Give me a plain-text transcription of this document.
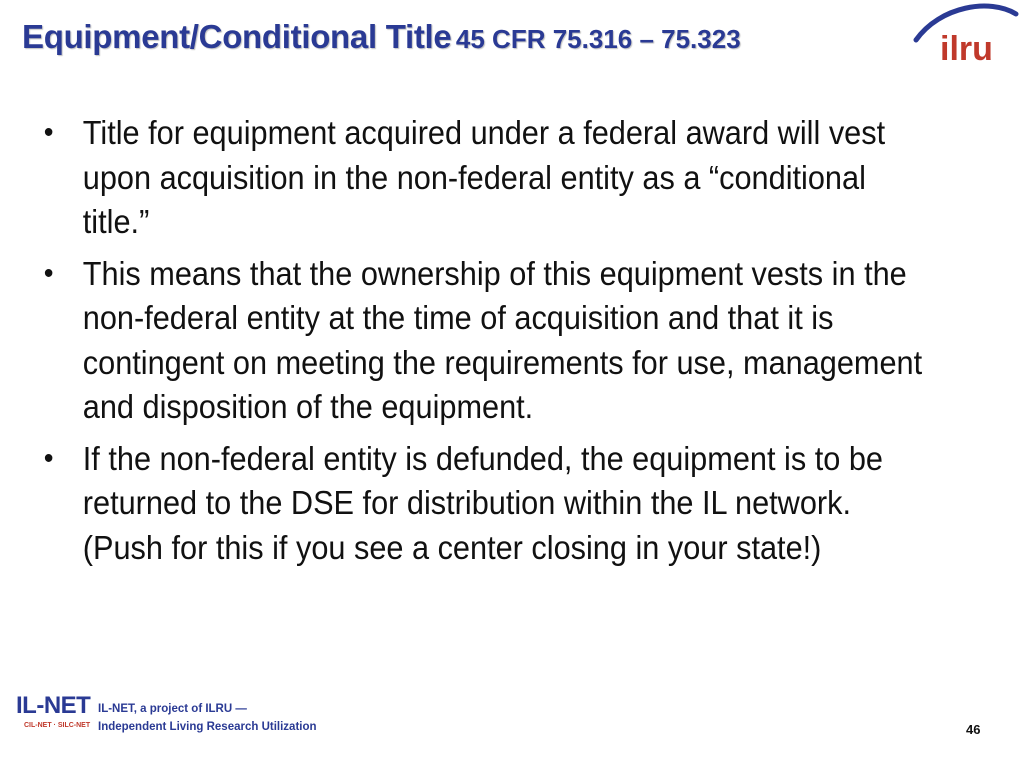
Equipment/Conditional Title 45 CFR 75.316 – 75.323	ilru
• Title for equipment acquired under a federal award will vest upon acquisition in the non-federal entity as a “conditional title.”
• This means that the ownership of this equipment vests in the non-federal entity at the time of acquisition and that it is contingent on meeting the requirements for use, management and disposition of the equipment.
• If the non-federal entity is defunded, the equipment is to be returned to the DSE for distribution within the IL network. (Push for this if you see a center closing in your state!)
IL-NET
CIL-NET · SILC-NET
IL-NET, a project of ILRU —
Independent Living Research Utilization	46
